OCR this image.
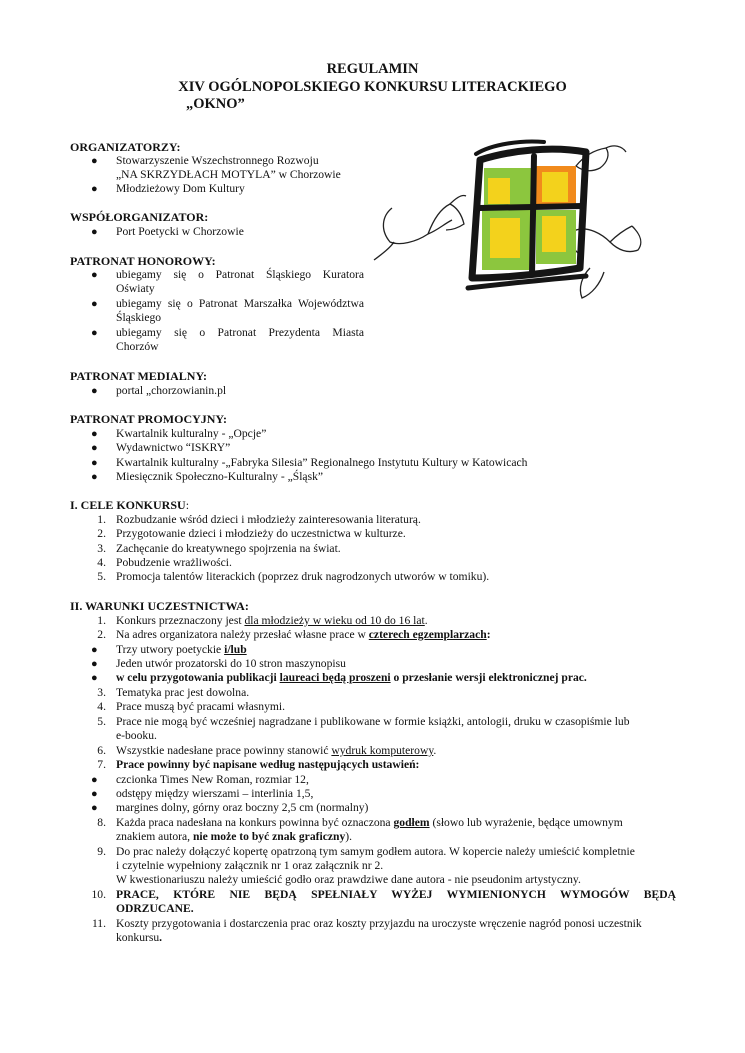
REGULAMIN
XIV OGÓLNOPOLSKIEGO KONKURSU LITERACKIEGO
„OKNO”
ORGANIZATORZY:
● Stowarzyszenie Wszechstronnego Rozwoju
„NA SKRZYDŁACH MOTYLA” w Chorzowie
● Młodzieżowy Dom Kultury
WSPÓŁORGANIZATOR:
● Port Poetycki w Chorzowie
PATRONAT HONOROWY:
● ubiegamy się o Patronat Śląskiego Kuratora
Oświaty
● ubiegamy się o Patronat Marszałka Województwa
Śląskiego
● ubiegamy się o Patronat Prezydenta Miasta
Chorzów
PATRONAT MEDIALNY:
● portal „chorzowianin.pl
PATRONAT PROMOCYJNY:
● Kwartalnik kulturalny - „Opcje”
● Wydawnictwo “ISKRY”
● Kwartalnik kulturalny -„Fabryka Silesia” Regionalnego Instytutu Kultury w Katowicach
● Miesięcznik Społeczno-Kulturalny - „Śląsk”
I. CELE KONKURSU:
1. Rozbudzanie wśród dzieci i młodzieży zainteresowania literaturą.
2. Przygotowanie dzieci i młodzieży do uczestnictwa w kulturze.
3. Zachęcanie do kreatywnego spojrzenia na świat.
4. Pobudzenie wrażliwości.
5. Promocja talentów literackich (poprzez druk nagrodzonych utworów w tomiku).
II. WARUNKI UCZESTNICTWA:
1. Konkurs przeznaczony jest dla młodzieży w wieku od 10 do 16 lat.
2. Na adres organizatora należy przesłać własne prace w czterech egzemplarzach:
● Trzy utwory poetyckie i/lub
● Jeden utwór prozatorski do 10 stron maszynopisu
● w celu przygotowania publikacji laureaci będą proszeni o przesłanie wersji elektronicznej prac.
3. Tematyka prac jest dowolna.
4. Prace muszą być pracami własnymi.
5. Prace nie mogą być wcześniej nagradzane i publikowane w formie książki, antologii, druku w czasopiśmie lub
e-booku.
6. Wszystkie nadesłane prace powinny stanowić wydruk komputerowy.
7. Prace powinny być napisane według następujących ustawień:
● czcionka Times New Roman, rozmiar 12,
● odstępy między wierszami – interlinia 1,5,
● margines dolny, górny oraz boczny 2,5 cm (normalny)
8. Każda praca nadesłana na konkurs powinna być oznaczona godłem (słowo lub wyrażenie, będące umownym
znakiem autora, nie może to być znak graficzny).
9. Do prac należy dołączyć kopertę opatrzoną tym samym godłem autora. W kopercie należy umieścić kompletnie
i czytelnie wypełniony załącznik nr 1 oraz załącznik nr 2.
W kwestionariuszu należy umieścić godło oraz prawdziwe dane autora - nie pseudonim artystyczny.
10. PRACE, KTÓRE NIE BĘDĄ SPEŁNIAŁY WYŻEJ WYMIENIONYCH WYMOGÓW BĘDĄ
ODRZUCANE.
11. Koszty przygotowania i dostarczenia prac oraz koszty przyjazdu na uroczyste wręczenie nagród ponosi uczestnik
konkursu.
